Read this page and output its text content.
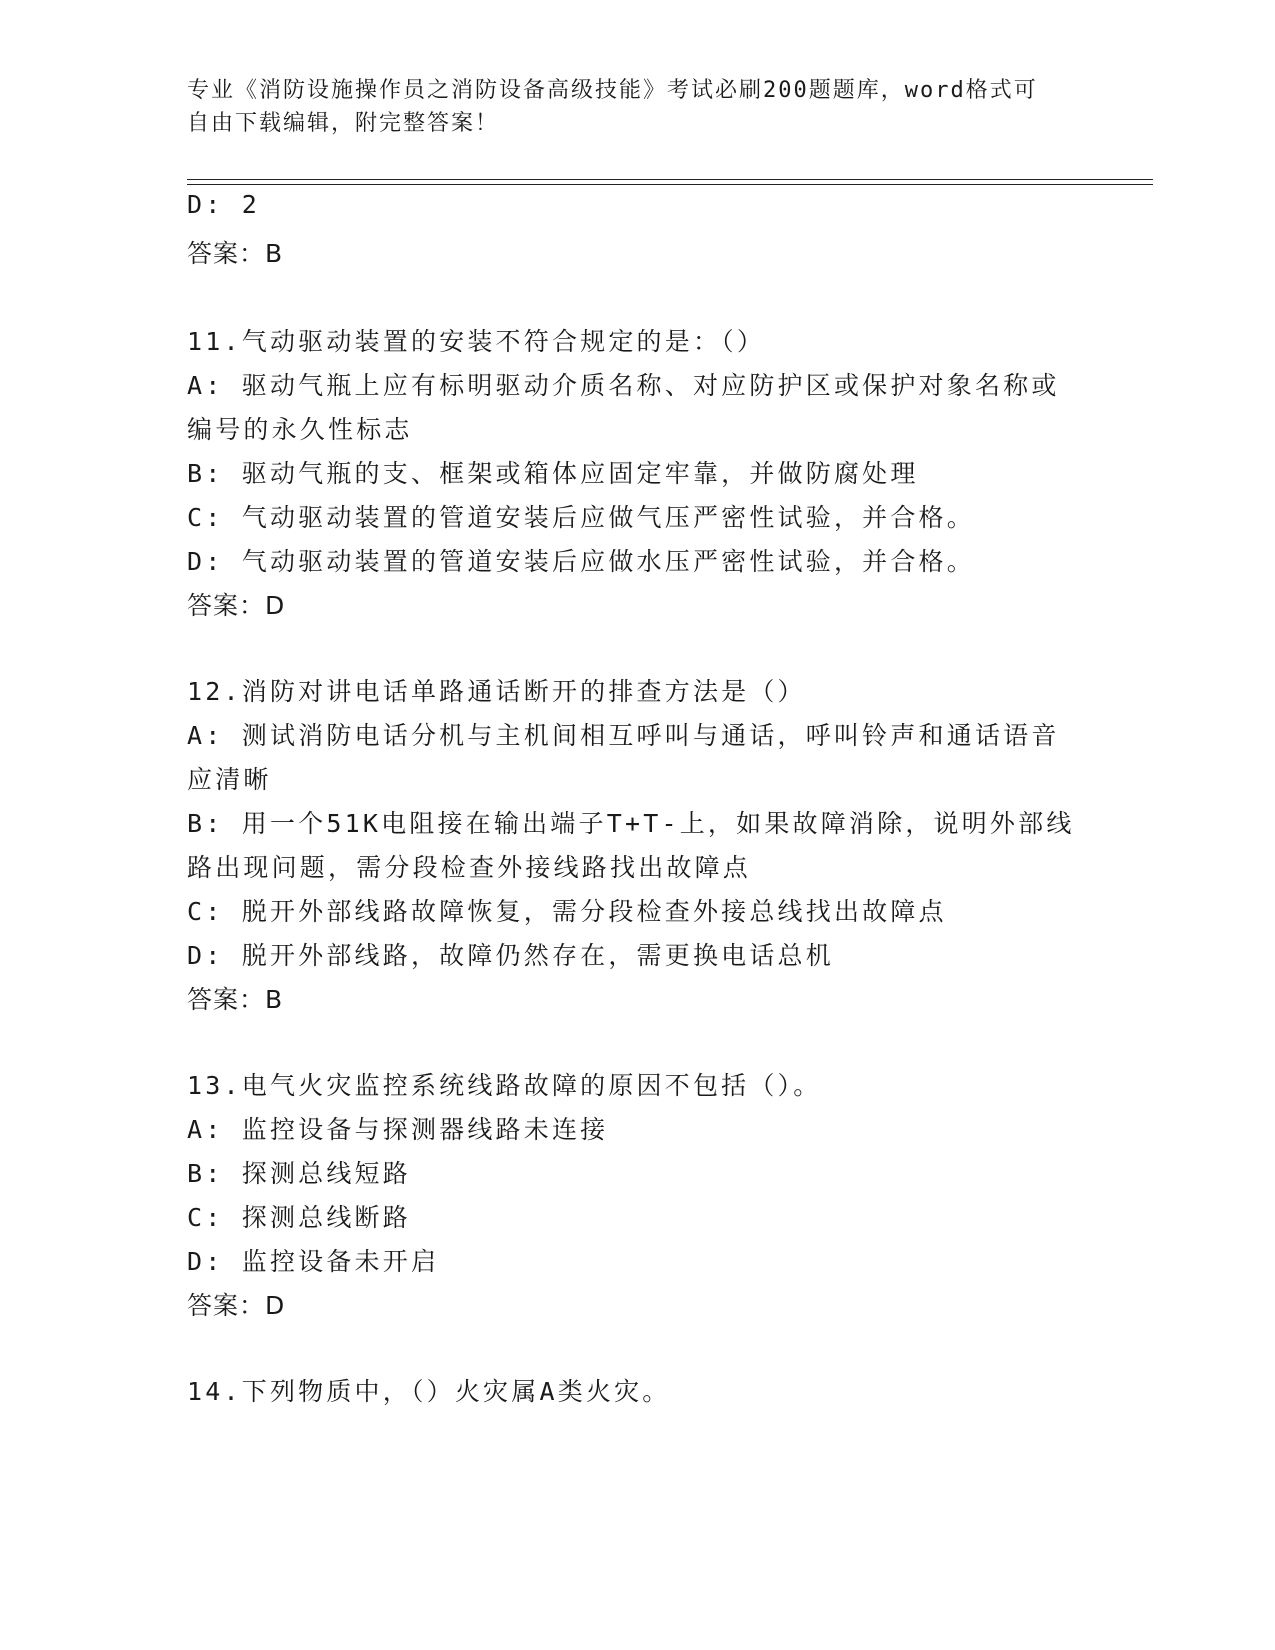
专业《消防设施操作员之消防设备高级技能》考试必刷200题题库，word格式可
自由下载编辑，附完整答案！
D: 2
答案：B
11.气动驱动装置的安装不符合规定的是：（）
A: 驱动气瓶上应有标明驱动介质名称、对应防护区或保护对象名称或
编号的永久性标志
B: 驱动气瓶的支、框架或箱体应固定牢靠，并做防腐处理
C: 气动驱动装置的管道安装后应做气压严密性试验，并合格。
D: 气动驱动装置的管道安装后应做水压严密性试验，并合格。
答案：D
12.消防对讲电话单路通话断开的排查方法是（）
A: 测试消防电话分机与主机间相互呼叫与通话，呼叫铃声和通话语音
应清晰
B: 用一个51K电阻接在输出端子T+T-上，如果故障消除，说明外部线
路出现问题，需分段检查外接线路找出故障点
C: 脱开外部线路故障恢复，需分段检查外接总线找出故障点
D: 脱开外部线路，故障仍然存在，需更换电话总机
答案：B
13.电气火灾监控系统线路故障的原因不包括（）。
A: 监控设备与探测器线路未连接
B: 探测总线短路
C: 探测总线断路
D: 监控设备未开启
答案：D
14.下列物质中，（）火灾属A类火灾。
